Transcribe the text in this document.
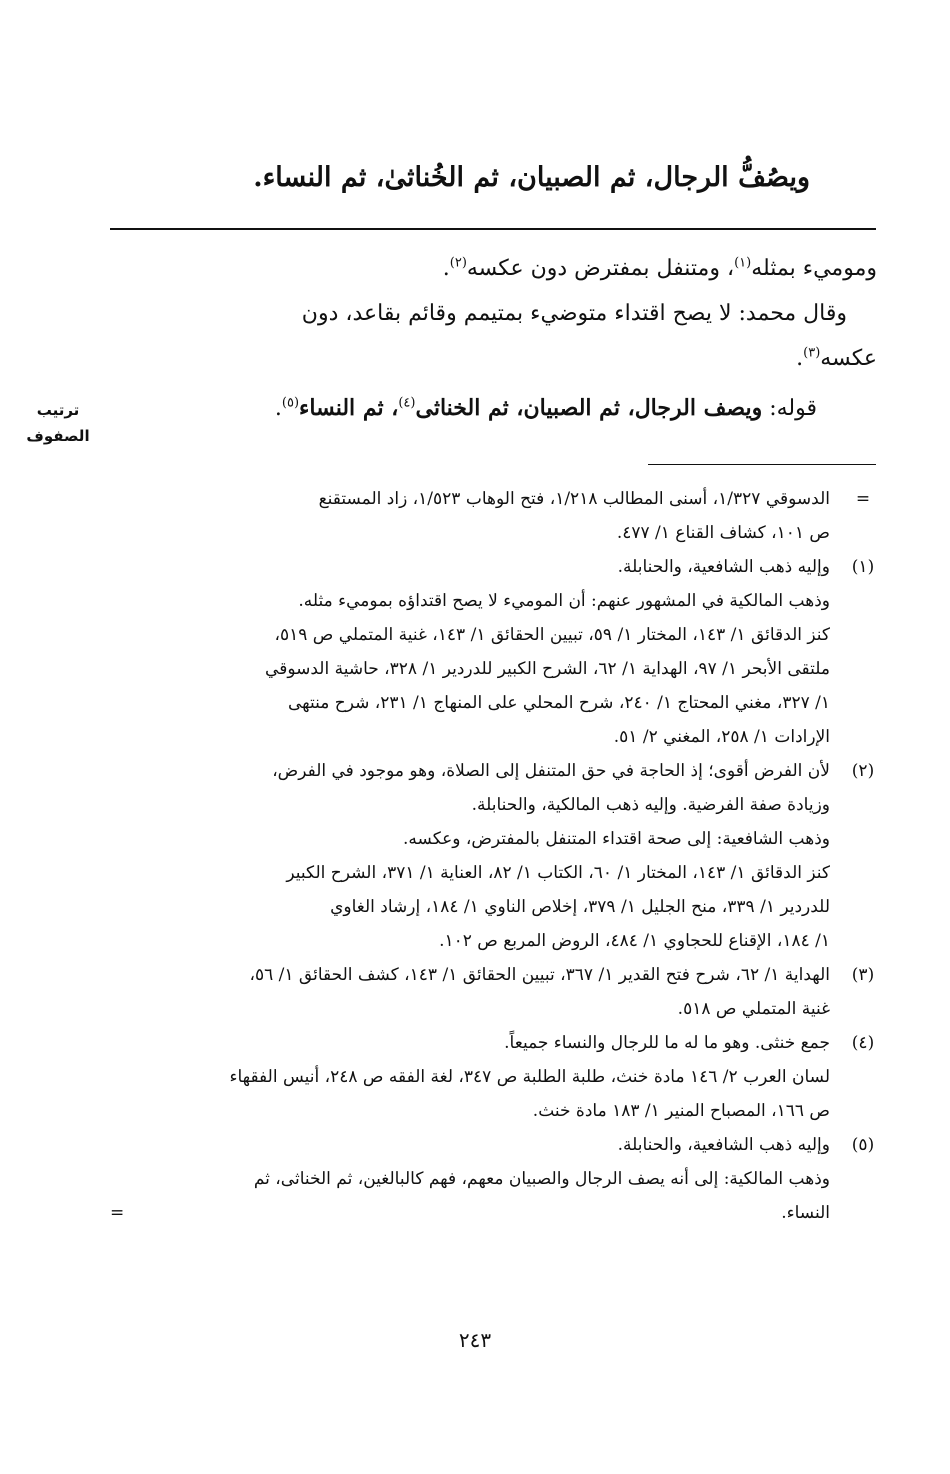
ويصُفُّ الرجال، ثم الصبيان، ثم الخُناثىٰ، ثم النساء.

وموميء بمثله$^{(١)}$، ومتنفل بمفترض دون عكسه$^{(٢)}$.

وقال محمد: لا يصح اقتداء متوضيء بمتيمم وقائم بقاعد، دون

عكسه$^{(٣)}$.

ترتيب
الصفوف
قوله: ويصف الرجال، ثم الصبيان، ثم الخناثى$^{(٤)}$، ثم النساء$^{(٥)}$.
=
الدسوقي ١/٣٢٧، أسنى المطالب ١/٢١٨، فتح الوهاب ١/٥٢٣، زاد المستقنع
ص ١٠١، كشاف القناع ١/ ٤٧٧.
(١)
وإليه ذهب الشافعية، والحنابلة.
وذهب المالكية في المشهور عنهم: أن الموميء لا يصح اقتداؤه بموميء مثله.
كنز الدقائق ١/ ١٤٣، المختار ١/ ٥٩، تبيين الحقائق ١/ ١٤٣، غنية المتملي ص ٥١٩،
ملتقى الأبحر ١/ ٩٧، الهداية ١/ ٦٢، الشرح الكبير للدردير ١/ ٣٢٨، حاشية الدسوقي
١/ ٣٢٧، مغني المحتاج ١/ ٢٤٠، شرح المحلي على المنهاج ١/ ٢٣١، شرح منتهى
الإرادات ١/ ٢٥٨، المغني ٢/ ٥١.
(٢)
لأن الفرض أقوى؛ إذ الحاجة في حق المتنفل إلى الصلاة، وهو موجود في الفرض،
وزيادة صفة الفرضية. وإليه ذهب المالكية، والحنابلة.
وذهب الشافعية: إلى صحة اقتداء المتنفل بالمفترض، وعكسه.
كنز الدقائق ١/ ١٤٣، المختار ١/ ٦٠، الكتاب ١/ ٨٢، العناية ١/ ٣٧١، الشرح الكبير
للدردير ١/ ٣٣٩، منح الجليل ١/ ٣٧٩، إخلاص الناوي ١/ ١٨٤، إرشاد الغاوي
١/ ١٨٤، الإقناع للحجاوي ١/ ٤٨٤، الروض المربع ص ١٠٢.
(٣)
الهداية ١/ ٦٢، شرح فتح القدير ١/ ٣٦٧، تبيين الحقائق ١/ ١٤٣، كشف الحقائق ١/ ٥٦،
غنية المتملي ص ٥١٨.
(٤)
جمع خنثى. وهو ما له ما للرجال والنساء جميعاً.
لسان العرب ٢/ ١٤٦ مادة خنث، طلبة الطلبة ص ٣٤٧، لغة الفقه ص ٢٤٨، أنيس الفقهاء
ص ١٦٦، المصباح المنير ١/ ١٨٣ مادة خنث.
(٥)
وإليه ذهب الشافعية، والحنابلة.
وذهب المالكية: إلى أنه يصف الرجال والصبيان معهم، فهم كالبالغين، ثم الخناثى، ثم
النساء.
=
٢٤٣
